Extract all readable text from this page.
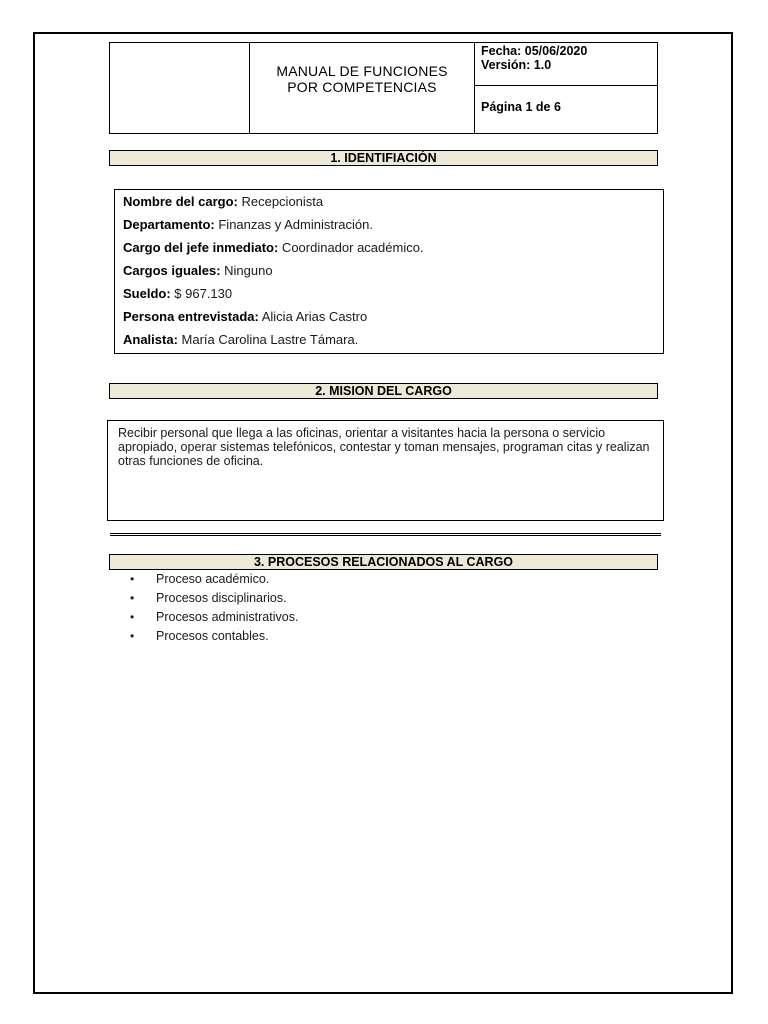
MANUAL DE FUNCIONES
POR COMPETENCIAS
Fecha: 05/06/2020
Versión: 1.0
Página 1 de 6
1. IDENTIFIACIÓN
Nombre del cargo: Recepcionista
Departamento: Finanzas y Administración.
Cargo del jefe inmediato: Coordinador académico.
Cargos iguales: Ninguno
Sueldo: $ 967.130
Persona entrevistada: Alicia Arias Castro
Analista: María Carolina Lastre Támara.
2. MISION DEL CARGO
Recibir personal que llega a las oficinas, orientar a visitantes hacia la persona o servicio apropiado, operar sistemas telefónicos, contestar y toman mensajes, programan citas y realizan otras funciones de oficina.
3. PROCESOS RELACIONADOS AL CARGO
•	Proceso académico.
•	Procesos disciplinarios.
•	Procesos administrativos.
•	Procesos contables.
